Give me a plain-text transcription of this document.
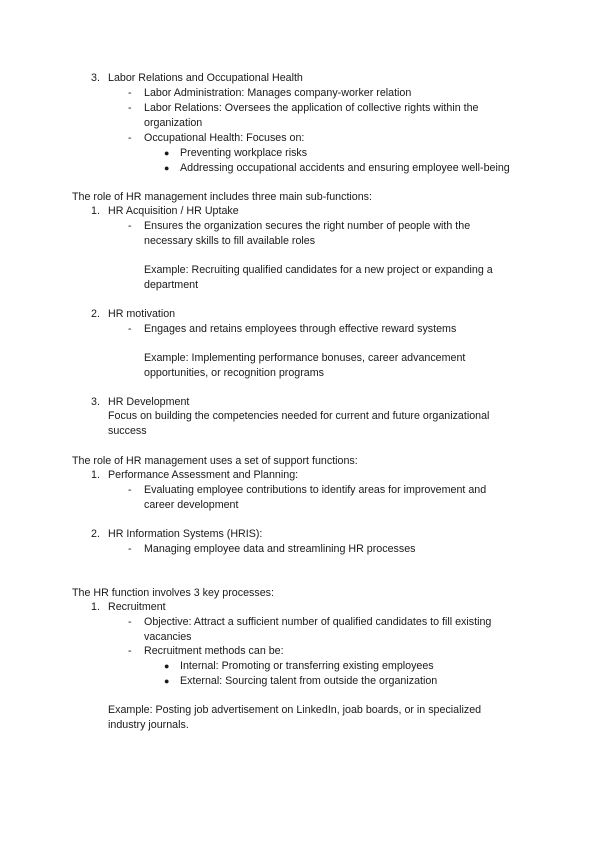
3. Labor Relations and Occupational Health
- Labor Administration: Manages company-worker relation
- Labor Relations: Oversees the application of collective rights within the
organization
- Occupational Health: Focuses on:
● Preventing workplace risks
● Addressing occupational accidents and ensuring employee well-being
The role of HR management includes three main sub-functions:
1. HR Acquisition / HR Uptake
- Ensures the organization secures the right number of people with the
necessary skills to fill available roles
Example: Recruiting qualified candidates for a new project or expanding a
department
2. HR motivation
- Engages and retains employees through effective reward systems
Example: Implementing performance bonuses, career advancement
opportunities, or recognition programs
3. HR Development
Focus on building the competencies needed for current and future organizational
success
The role of HR management uses a set of support functions:
1. Performance Assessment and Planning:
- Evaluating employee contributions to identify areas for improvement and
career development
2. HR Information Systems (HRIS):
- Managing employee data and streamlining HR processes
The HR function involves 3 key processes:
1. Recruitment
- Objective: Attract a sufficient number of qualified candidates to fill existing
vacancies
- Recruitment methods can be:
● Internal: Promoting or transferring existing employees
● External: Sourcing talent from outside the organization
Example: Posting job advertisement on LinkedIn, joab boards, or in specialized
industry journals.
